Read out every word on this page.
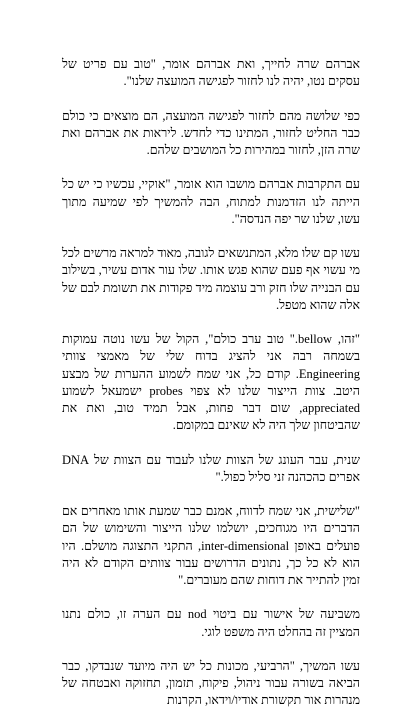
אברהם שרה לחייך, ואת אברהם אומר, "טוב עם פריט של עסקים נטו, יהיה לנו לחזור לפגישה המועצה שלנו".

כפי שלושה מהם לחזור לפגישה המועצה, הם מוצאים כי כולם כבר החליט לחזור, המתינו כדי לחדש. ליראות את אברהם ואת שרה הזן, לחזור במהירות כל המושבים שלהם.

עם התקרבות אברהם מושבו הוא אומר, "אוקיי, עכשיו כי יש כל הייתה לנו הזדמנות למתוח, הבה להמשיך לפי שמיעה מתוך עשו, שלנו שר יפה הנדסה".

עשו קם שלו מלא, המתנשאים לגובה, מאוד למראה מרשים לכל מי עשוי אף פעם שהוא פגש אותו. שלו עור אדום עשיר, בשילוב עם הבנייה שלו חזק ורב עוצמה מיד פקודות את תשומת לבם של אלה שהוא מטפל.

"זהו, bellow." טוב ערב כולם", הקול של עשו נוטה עמוקות בשמחה רבה אני להציג בדוח שלי של מאמצי צוותי Engineering. קודם כל, אני שמח לשמוע ההערות של מבצע היטב. צוות הייצור שלנו לא צפוי probes ישמעאל לשמוע appreciated, שום דבר פחות, אבל תמיד טוב, ואת את שהביטחון שלך היה לא שאינם במקומם.

שנית, עבר העונג של הצוות שלנו לעבוד עם הצוות של DNA אפרים כהכהנה זני סליל כפול."

"שלישית, אני שמח לדווח, אמנם כבר שמעת אותו מאחרים אם הדברים היו מגוחכים, יושלמו שלנו הייצור והשימוש של הם פועלים באופן inter-dimensional, התקני התצוגה מושלם. היו הוא לא כל כך, נתונים הדרושים עבור צוותים הקודם לא היה זמין להתייר את דוחות שהם מעוברים."

משביעה של אישור עם ביטוי nod עם הערה זו, כולם נתנו המציין זה בהחלט היה משפט לוגי.

עשו המשיך, "הרביעי, מכונות כל יש היה מיועד שנבדקו, כבר הביאה בשורה עבור ניהול, פיקוח, תזמון, תחזוקה ואבטחה של מנהרות אור תקשורת אודיו/וידאו, הקרנות
